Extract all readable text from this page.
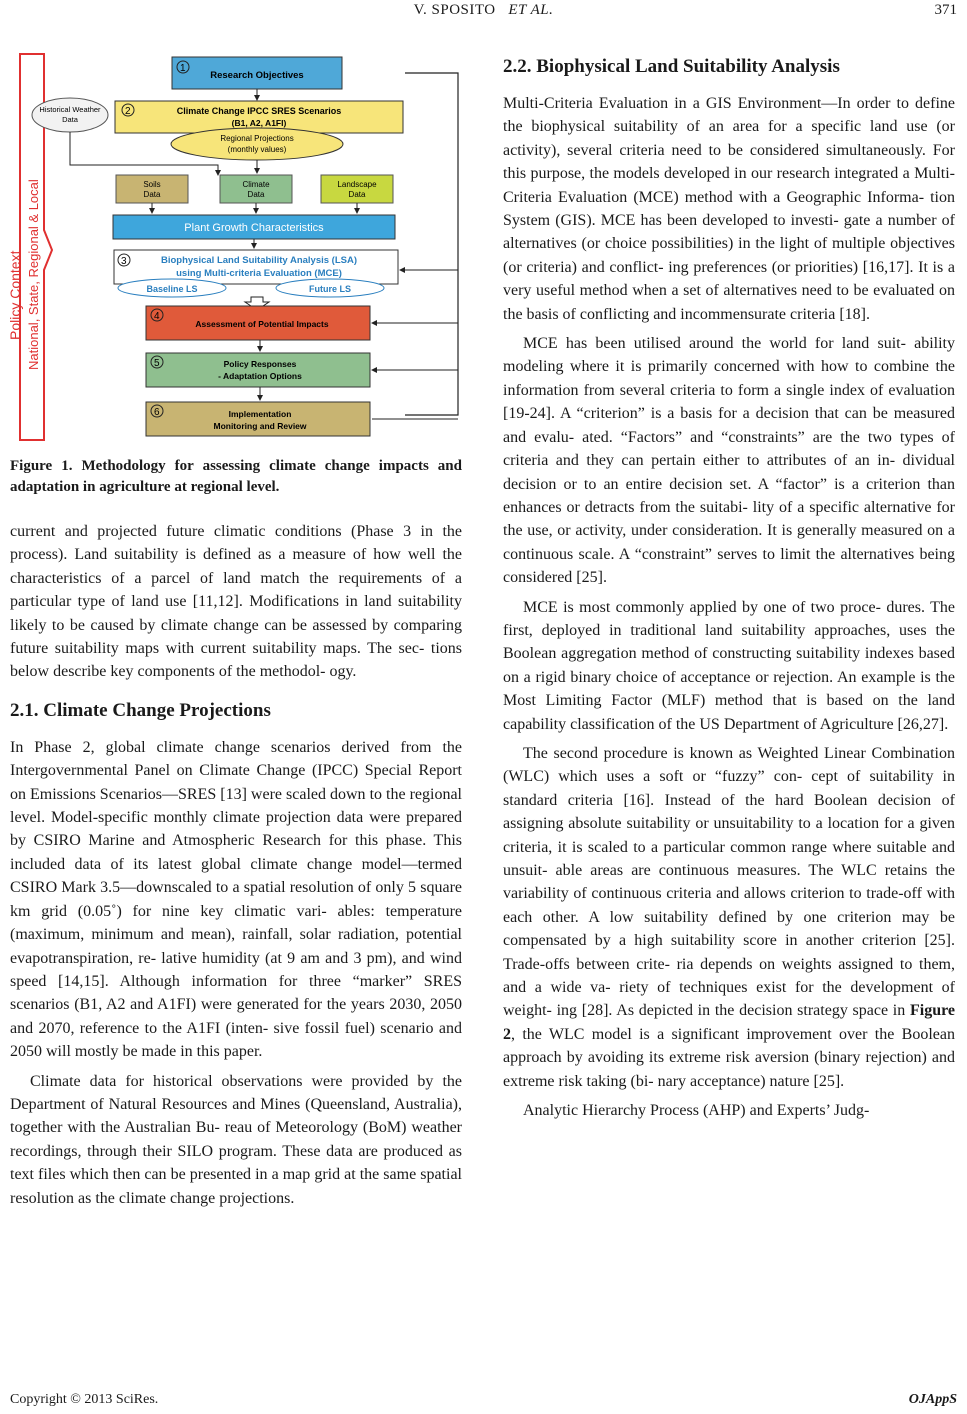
V. SPOSITO ET AL.	371
Policy Context National, State, Regional & Local
1
Research Objectives
Historical Weather
Data
2	Climate Change IPCC SRES Scenarios
(B1, A2, A1FI)
Regional Projections
(monthly values)
Soils
Data
Climate
Data
Landscape
Data
Plant Growth Characteristics
3	Biophysical Land Suitability Analysis (LSA)
using Multi-criteria Evaluation (MCE)
Baseline LS	Future LS
4
Assessment of Potential Impacts
5	Policy Responses
- Adaptation Options
6	Implementation
Monitoring and Review
Figure 1. Methodology for assessing climate change impacts and adaptation in agriculture at regional level.

current and projected future climatic conditions (Phase 3 in the process). Land suitability is defined as a measure of how well the characteristics of a parcel of land match the requirements of a particular type of land use [11,12]. Modifications in land suitability likely to be caused by climate change can be assessed by comparing future suitability maps with current suitability maps. The sec- tions below describe key components of the methodol- ogy.

2.1. Climate Change Projections

In Phase 2, global climate change scenarios derived from the Intergovernmental Panel on Climate Change (IPCC) Special Report on Emissions Scenarios—SRES [13] were scaled down to the regional level. Model-specific monthly climate projection data were prepared by CSIRO Marine and Atmospheric Research for this phase. This included data of its latest global climate change model—termed CSIRO Mark 3.5—downscaled to a spatial resolution of only 5 square km grid (0.05˚) for nine key climatic vari- ables: temperature (maximum, minimum and mean), rainfall, solar radiation, potential evapotranspiration, re- lative humidity (at 9 am and 3 pm), and wind speed [14,15]. Although information for three “marker” SRES scenarios (B1, A2 and A1FI) were generated for the years 2030, 2050 and 2070, reference to the A1FI (inten- sive fossil fuel) scenario and 2050 will mostly be made in this paper.

Climate data for historical observations were provided by the Department of Natural Resources and Mines (Queensland, Australia), together with the Australian Bu- reau of Meteorology (BoM) weather recordings, through their SILO program. These data are produced as text files which then can be presented in a map grid at the same spatial resolution as the climate change projections.

2.2. Biophysical Land Suitability Analysis

Multi-Criteria Evaluation in a GIS Environment—In order to define the biophysical suitability of an area for a specific land use (or activity), several criteria need to be considered simultaneously. For this purpose, the models developed in our research integrated a Multi-Criteria Evaluation (MCE) method with a Geographic Informa- tion System (GIS). MCE has been developed to investi- gate a number of alternatives (or choice possibilities) in the light of multiple objectives (or criteria) and conflict- ing preferences (or priorities) [16,17]. It is a very useful method when a set of alternatives need to be evaluated on the basis of conflicting and incommensurate criteria [18].

MCE has been utilised around the world for land suit- ability modeling where it is primarily concerned with how to combine the information from several criteria to form a single index of evaluation [19-24]. A “criterion” is a basis for a decision that can be measured and evalu- ated. “Factors” and “constraints” are the two types of criteria and they can pertain either to attributes of an in- dividual decision or to an entire decision set. A “factor” is a criterion than enhances or detracts from the suitabi- lity of a specific alternative for the use, or activity, under consideration. It is generally measured on a continuous scale. A “constraint” serves to limit the alternatives being considered [25].

MCE is most commonly applied by one of two proce- dures. The first, deployed in traditional land suitability approaches, uses the Boolean aggregation method of constructing suitability indexes based on a rigid binary choice of acceptance or rejection. An example is the Most Limiting Factor (MLF) method that is based on the land capability classification of the US Department of Agriculture [26,27].

The second procedure is known as Weighted Linear Combination (WLC) which uses a soft or “fuzzy” con- cept of suitability in standard criteria [16]. Instead of the hard Boolean decision of assigning absolute suitability or unsuitability to a location for a given criteria, it is scaled to a particular common range where suitable and unsuit- able areas are continuous measures. The WLC retains the variability of continuous criteria and allows criterion to trade-off with each other. A low suitability defined by one criterion may be compensated by a high suitability score in another criterion [25]. Trade-offs between crite- ria depends on weights assigned to them, and a wide va- riety of techniques exist for the development of weight- ing [28]. As depicted in the decision strategy space in Figure 2, the WLC model is a significant improvement over the Boolean approach by avoiding its extreme risk aversion (binary rejection) and extreme risk taking (bi- nary acceptance) nature [25].

Analytic Hierarchy Process (AHP) and Experts’ Judg-

Copyright © 2013 SciRes.	OJAppS
